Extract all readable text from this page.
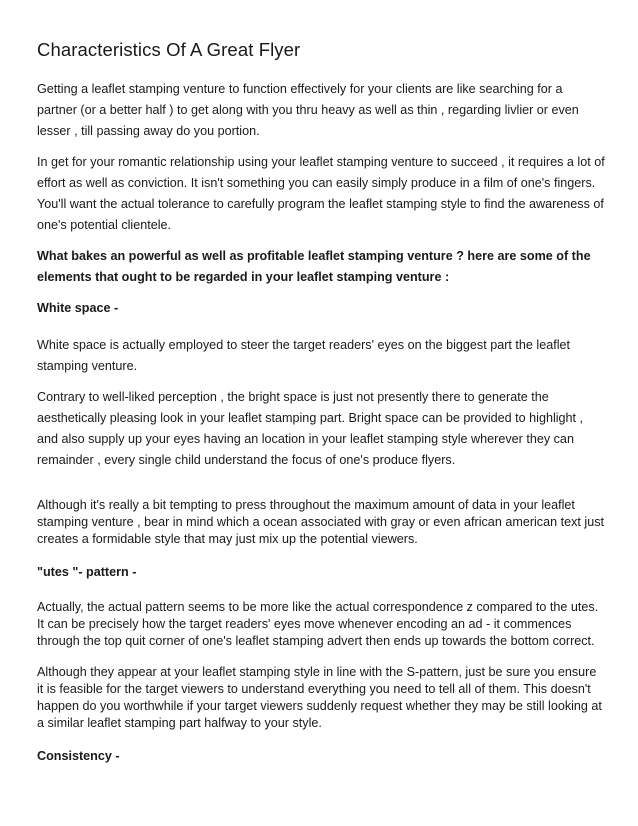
Characteristics Of A Great Flyer

Getting a leaflet stamping venture to function effectively for your clients are like searching for a partner (or a better half ) to get along with you thru heavy as well as thin , regarding livlier or even lesser , till passing away do you portion.

In get for your romantic relationship using your leaflet stamping venture to succeed , it requires a lot of effort as well as conviction. It isn't something you can easily simply produce in a film of one's fingers. You'll want the actual tolerance to carefully program the leaflet stamping style to find the awareness of one's potential clientele.

What bakes an powerful as well as profitable leaflet stamping venture ? here are some of the elements that ought to be regarded in your leaflet stamping venture :

White space -

White space is actually employed to steer the target readers' eyes on the biggest part the leaflet stamping venture.

Contrary to well-liked perception , the bright space is just not presently there to generate the aesthetically pleasing look in your leaflet stamping part. Bright space can be provided to highlight , and also supply up your eyes having an location in your leaflet stamping style wherever they can remainder , every single child understand the focus of one's produce flyers.

Although it's really a bit tempting to press throughout the maximum amount of data in your leaflet stamping venture , bear in mind which a ocean associated with gray or even african american text just creates a formidable style that may just mix up the potential viewers.

"utes "- pattern -

Actually, the actual pattern seems to be more like the actual correspondence z compared to the utes. It can be precisely how the target readers' eyes move whenever encoding an ad - it commences through the top quit corner of one's leaflet stamping advert then ends up towards the bottom correct.

Although they appear at your leaflet stamping style in line with the S-pattern, just be sure you ensure it is feasible for the target viewers to understand everything you need to tell all of them. This doesn't happen do you worthwhile if your target viewers suddenly request whether they may be still looking at a similar leaflet stamping part halfway to your style.

Consistency -
